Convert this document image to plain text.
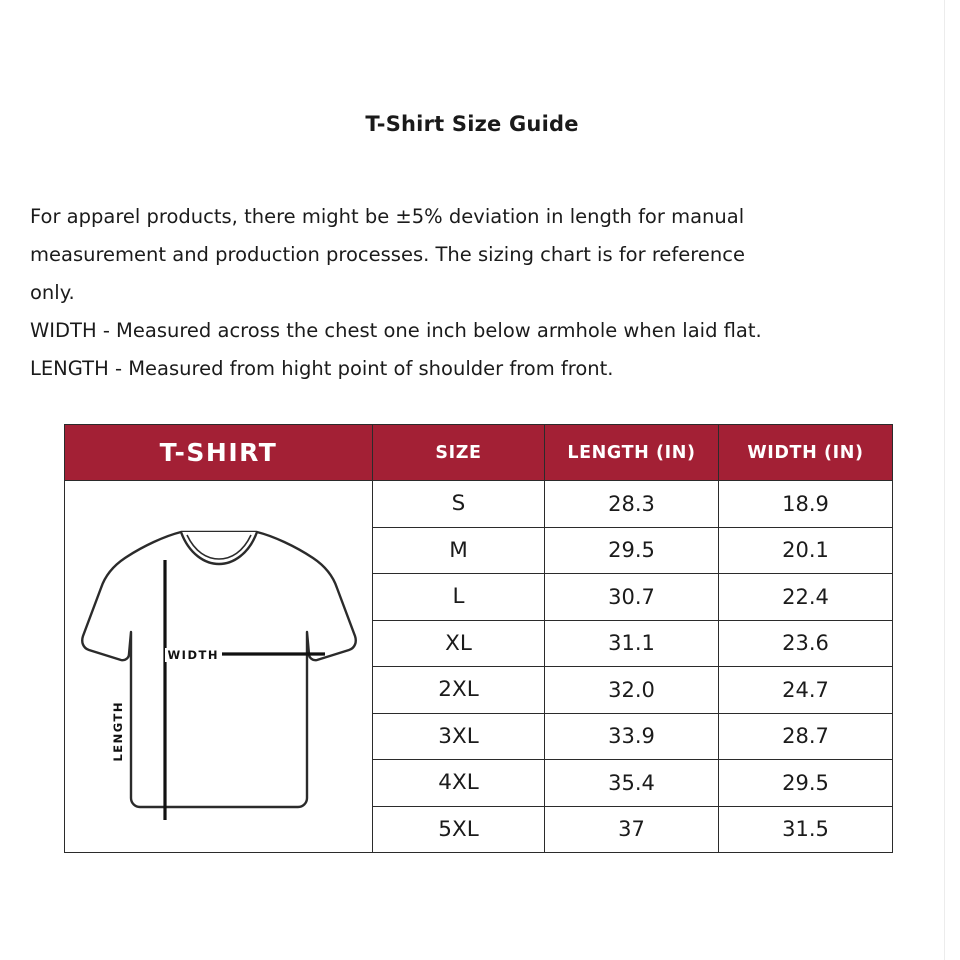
T-Shirt Size Guide

For apparel products, there might be ±5% deviation in length for manual

measurement and production processes. The sizing chart is for reference

only.

WIDTH - Measured across the chest one inch below armhole when laid flat.

LENGTH - Measured from hight point of shoulder from front.

T-SHIRT	SIZE	LENGTH (IN)	WIDTH (IN)

WIDTH
LENGTH	S	28.3	18.9
	M	29.5	20.1
	L	30.7	22.4
	XL	31.1	23.6
	2XL	32.0	24.7
	3XL	33.9	28.7
	4XL	35.4	29.5
	5XL	37	31.5
